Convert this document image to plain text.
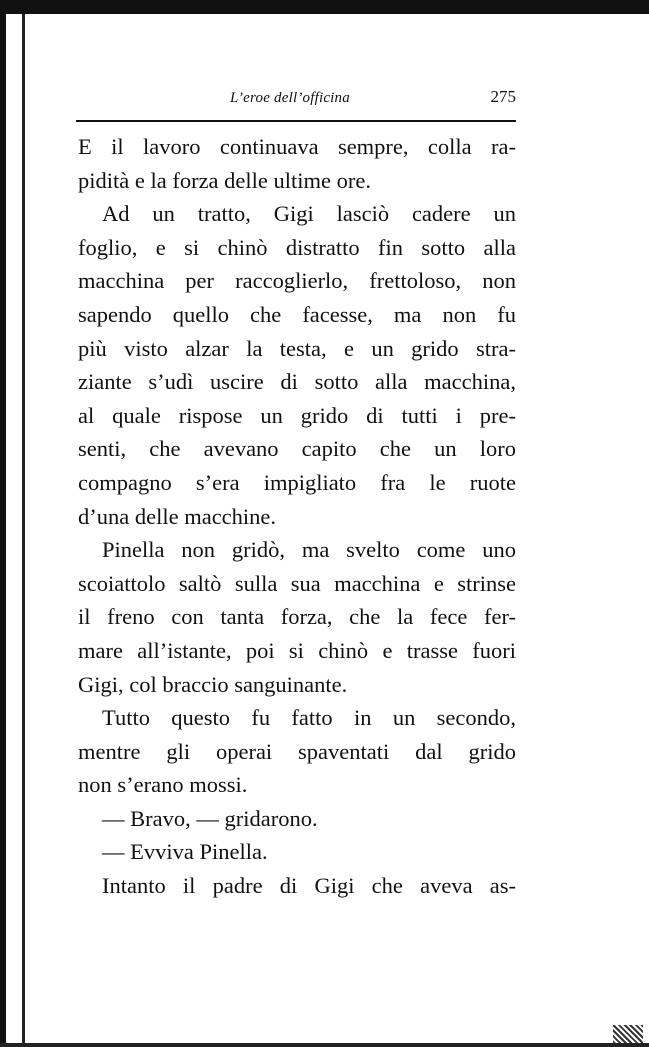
L’eroe dell’officina	275
E il lavoro continuava sempre, colla ra-
pidità e la forza delle ultime ore.
Ad un tratto, Gigi lasciò cadere un
foglio, e si chinò distratto fin sotto alla
macchina per raccoglierlo, frettoloso, non
sapendo quello che facesse, ma non fu
più visto alzar la testa, e un grido stra-
ziante s’udì uscire di sotto alla macchina,
al quale rispose un grido di tutti i pre-
senti, che avevano capito che un loro
compagno s’era impigliato fra le ruote
d’una delle macchine.
Pinella non gridò, ma svelto come uno
scoiattolo saltò sulla sua macchina e strinse
il freno con tanta forza, che la fece fer-
mare all’istante, poi si chinò e trasse fuori
Gigi, col braccio sanguinante.
Tutto questo fu fatto in un secondo,
mentre gli operai spaventati dal grido
non s’erano mossi.
— Bravo, — gridarono.
— Evviva Pinella.
Intanto il padre di Gigi che aveva as-
